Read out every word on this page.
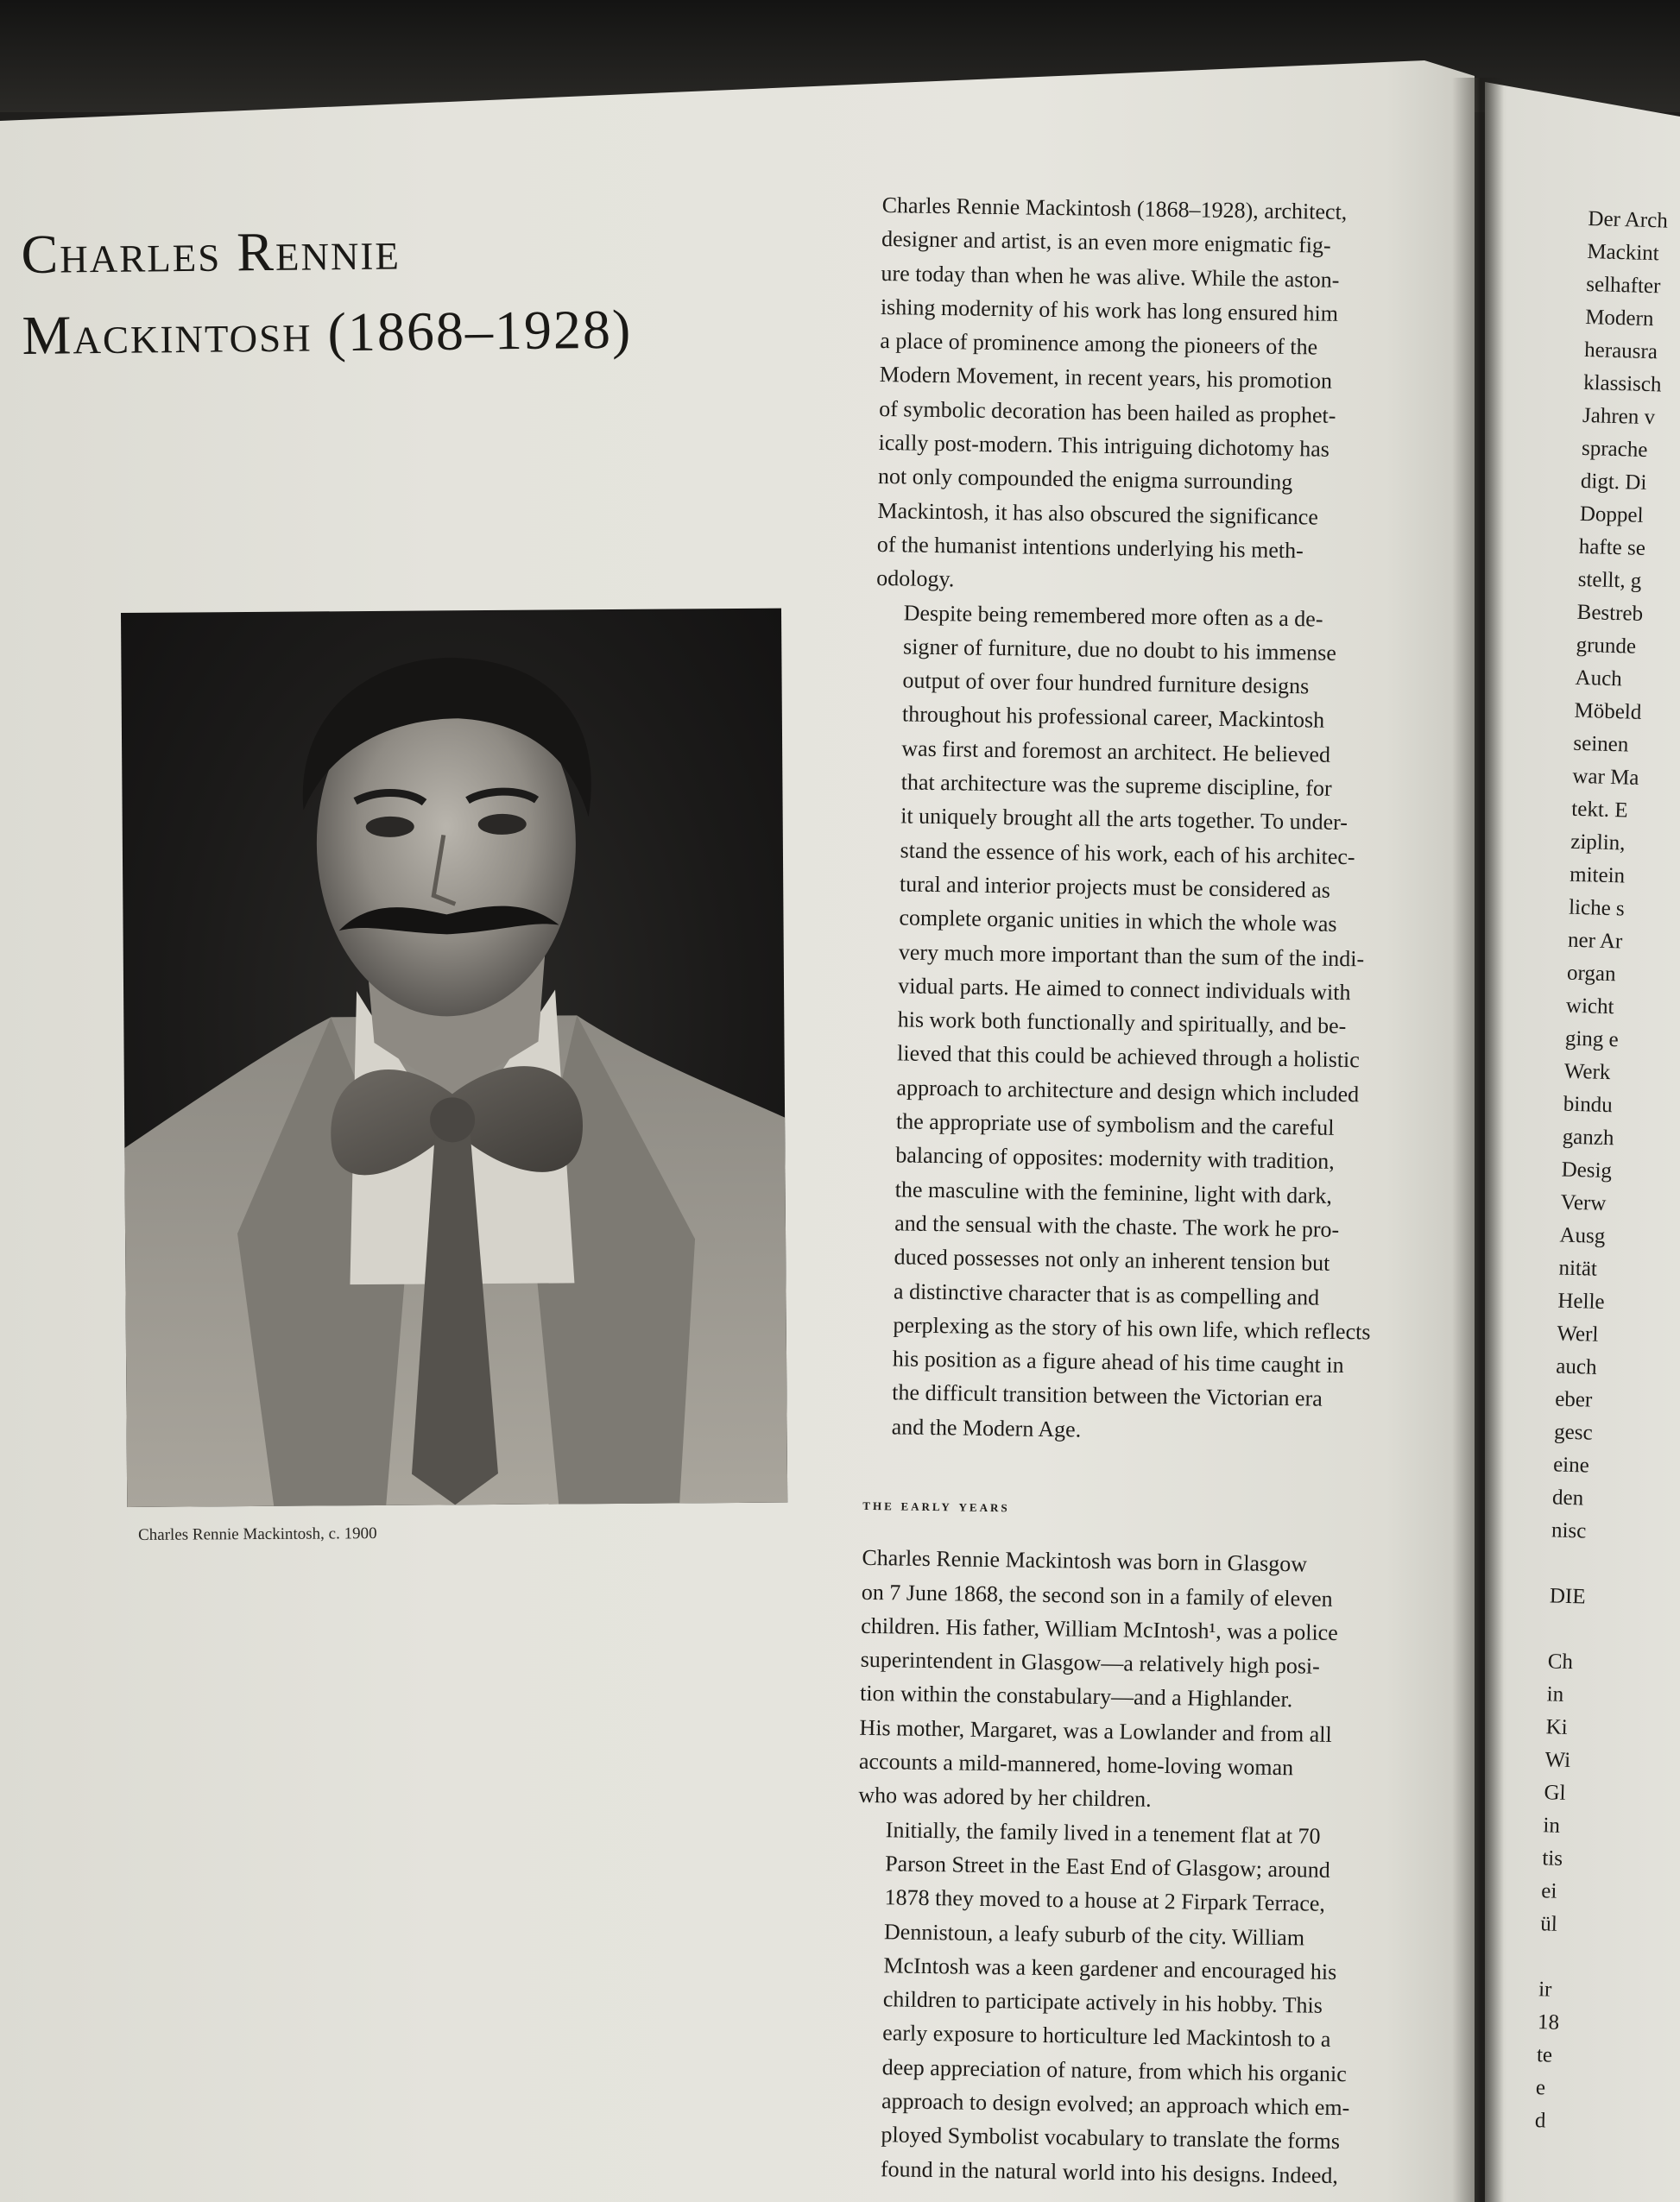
Charles Rennie
Mackintosh (1868–1928)
Charles Rennie Mackintosh, c. 1900

Charles Rennie Mackintosh (1868–1928), architect,
designer and artist, is an even more enigmatic fig-
ure today than when he was alive. While the aston-
ishing modernity of his work has long ensured him
a place of prominence among the pioneers of the
Modern Movement, in recent years, his promotion
of symbolic decoration has been hailed as prophet-
ically post-modern. This intriguing dichotomy has
not only compounded the enigma surrounding
Mackintosh, it has also obscured the significance
of the humanist intentions underlying his meth-
odology.

Despite being remembered more often as a de-
signer of furniture, due no doubt to his immense
output of over four hundred furniture designs
throughout his professional career, Mackintosh
was first and foremost an architect. He believed
that architecture was the supreme discipline, for
it uniquely brought all the arts together. To under-
stand the essence of his work, each of his architec-
tural and interior projects must be considered as
complete organic unities in which the whole was
very much more important than the sum of the indi-
vidual parts. He aimed to connect individuals with
his work both functionally and spiritually, and be-
lieved that this could be achieved through a holistic
approach to architecture and design which included
the appropriate use of symbolism and the careful
balancing of opposites: modernity with tradition,
the masculine with the feminine, light with dark,
and the sensual with the chaste. The work he pro-
duced possesses not only an inherent tension but
a distinctive character that is as compelling and
perplexing as the story of his own life, which reflects
his position as a figure ahead of his time caught in
the difficult transition between the Victorian era
and the Modern Age.

the early years

Charles Rennie Mackintosh was born in Glasgow
on 7 June 1868, the second son in a family of eleven
children. His father, William McIntosh¹, was a police
superintendent in Glasgow—a relatively high posi-
tion within the constabulary—and a Highlander.
His mother, Margaret, was a Lowlander and from all
accounts a mild-mannered, home-loving woman
who was adored by her children.

Initially, the family lived in a tenement flat at 70
Parson Street in the East End of Glasgow; around
1878 they moved to a house at 2 Firpark Terrace,
Dennistoun, a leafy suburb of the city. William
McIntosh was a keen gardener and encouraged his
children to participate actively in his hobby. This
early exposure to horticulture led Mackintosh to a
deep appreciation of nature, from which his organic
approach to design evolved; an approach which em-
ployed Symbolist vocabulary to translate the forms
found in the natural world into his designs. Indeed,

Der Arch
Mackint
selhafter
Modern
herausra
klassisch
Jahren v
sprache
digt. Di
Doppel
hafte se
stellt, g
Bestreb
grunde
Auch
Möbeld
seinen
war Ma
tekt. E
ziplin,
mitein
liche s
ner Ar
organ
wicht
ging e
Werk
bindu
ganzh
Desig
Verw
Ausg
nität
Helle
Werl
auch
eber
gesc
eine
den
nisc

DIE

Ch
in
Ki
Wi
Gl
in
tis
ei
ül

ir
18
te
e
d
